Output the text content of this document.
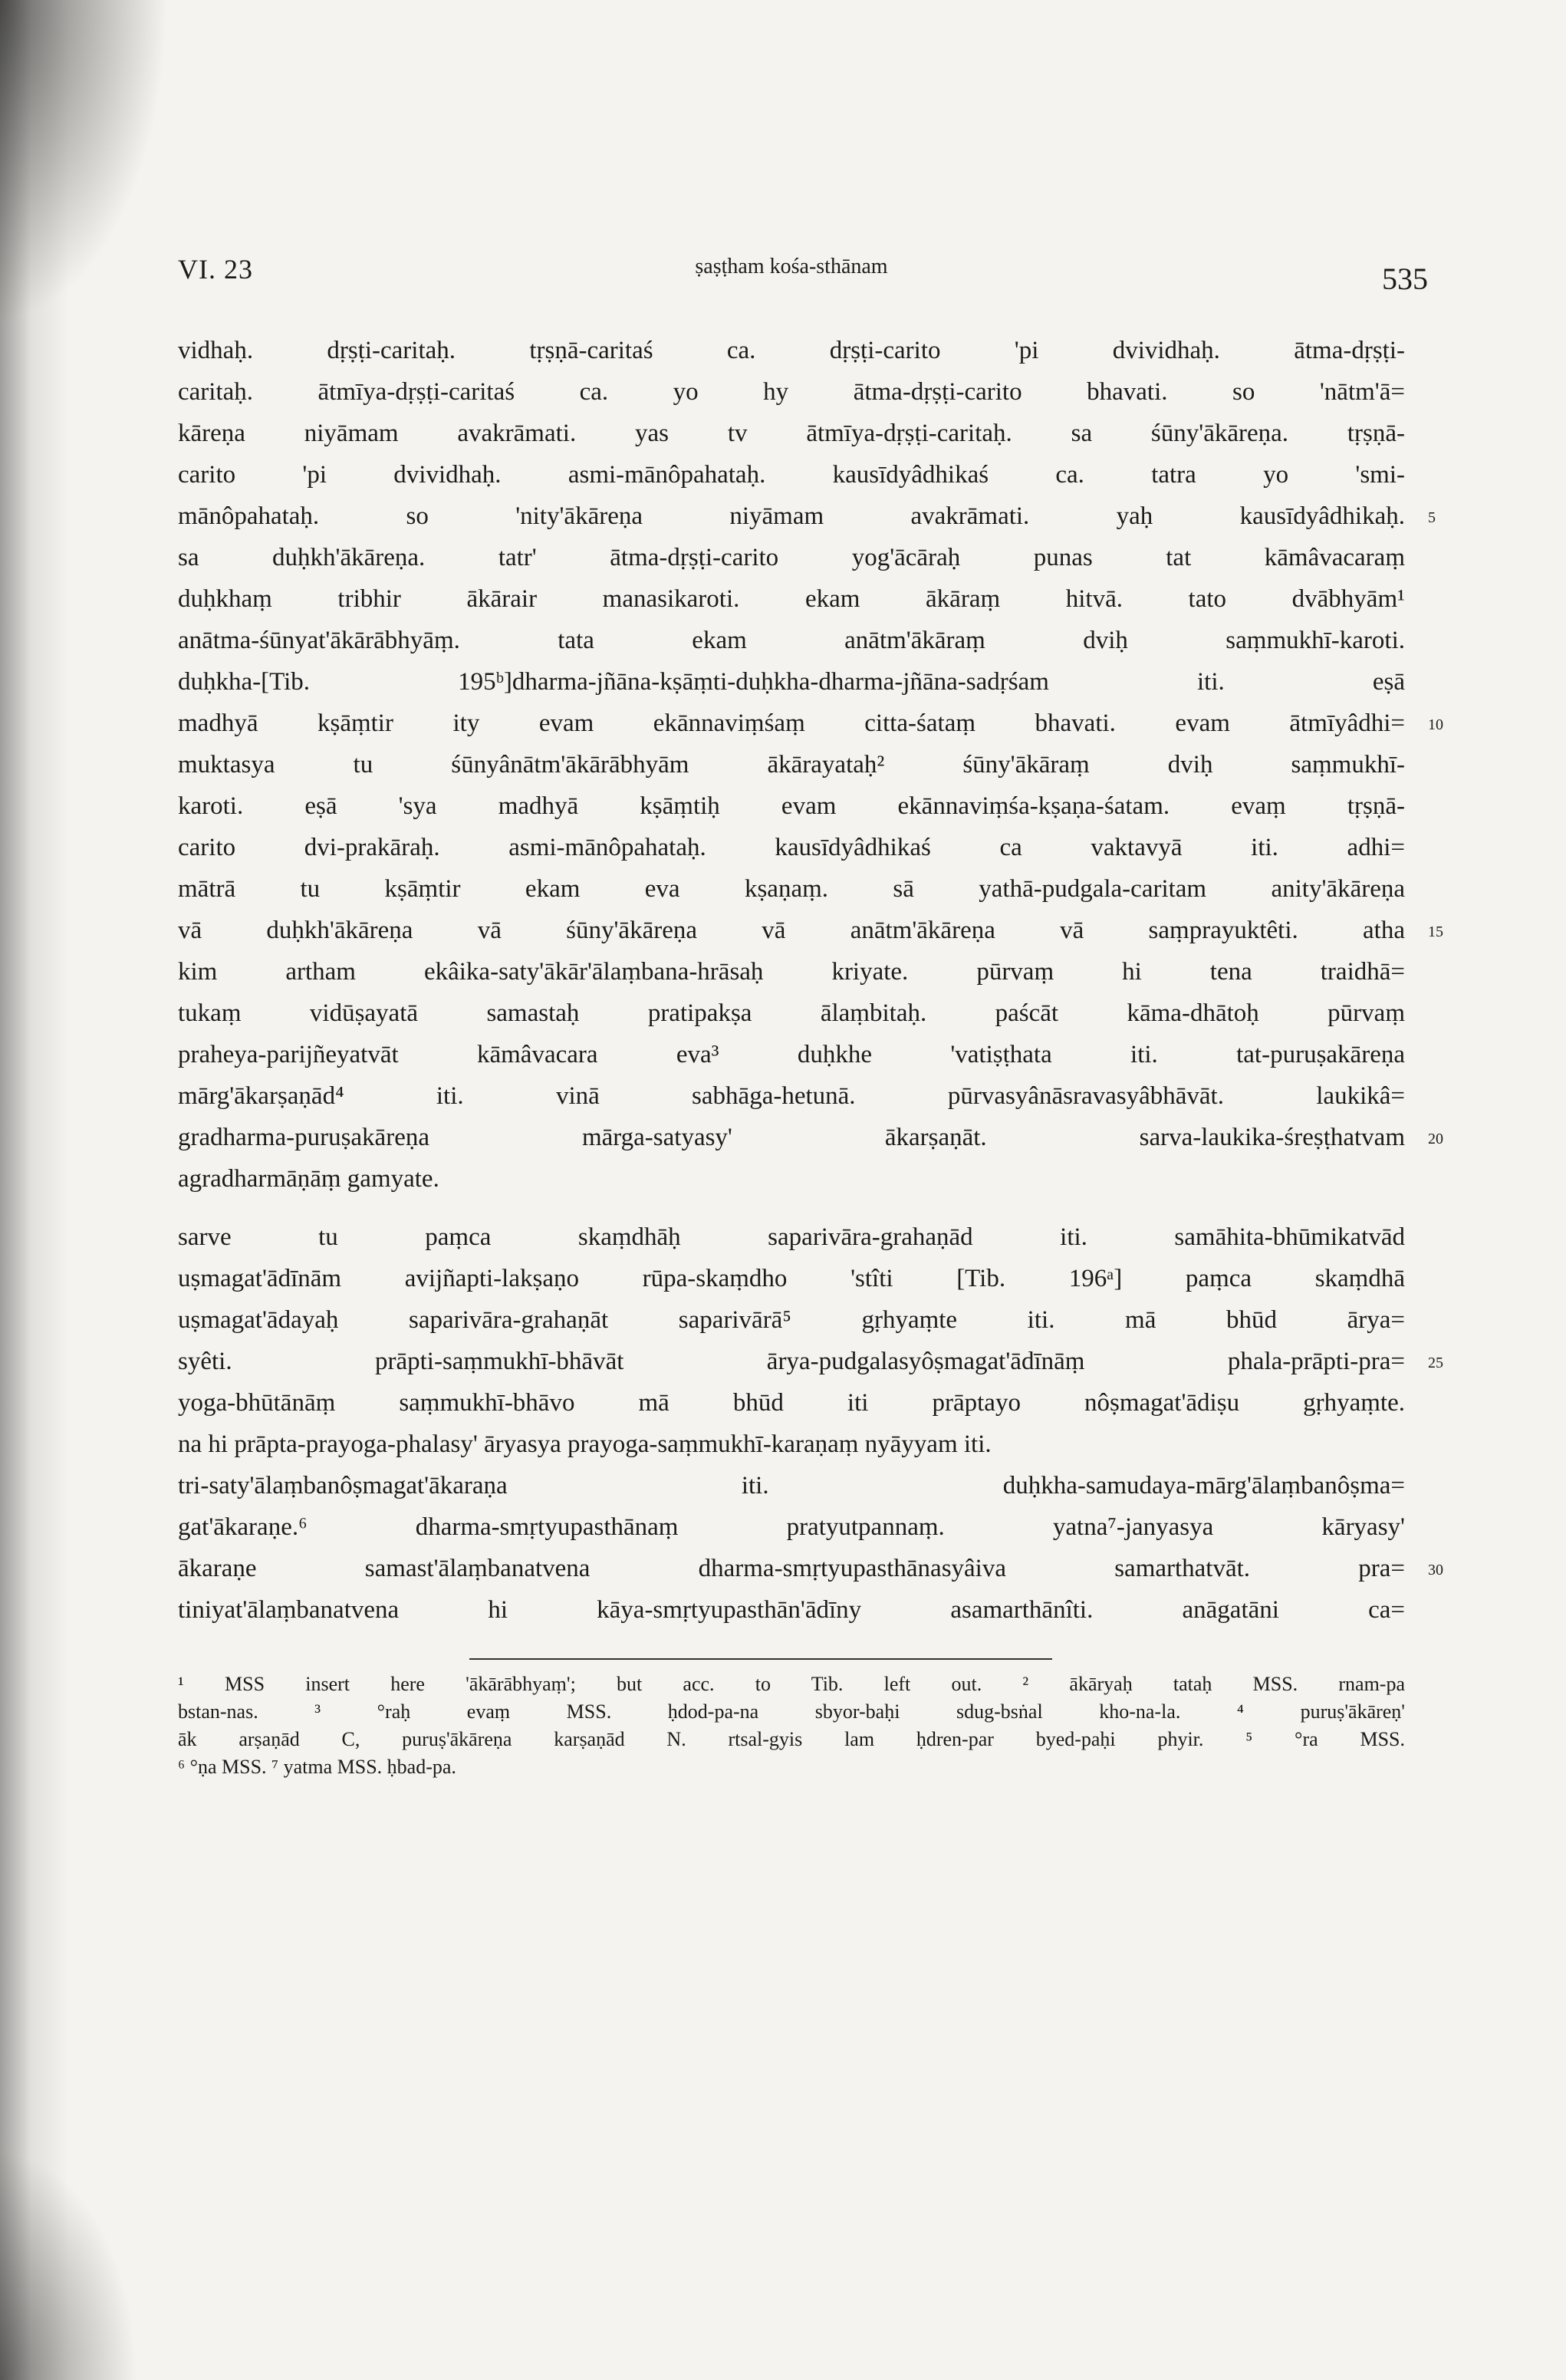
VI. 23	ṣaṣṭham kośa-sthānam	535
vidhaḥ. dṛṣṭi-caritaḥ. tṛṣṇā-caritaś ca. dṛṣṭi-carito 'pi dvividhaḥ. ātma-dṛṣṭi-
caritaḥ. ātmīya-dṛṣṭi-caritaś ca. yo hy ātma-dṛṣṭi-carito bhavati. so 'nātm'ā=
kāreṇa niyāmam avakrāmati. yas tv ātmīya-dṛṣṭi-caritaḥ. sa śūny'ākāreṇa. tṛṣṇā-
carito 'pi dvividhaḥ. asmi-mānôpahataḥ. kausīdyâdhikaś ca. tatra yo 'smi-
mānôpahataḥ. so 'nity'ākāreṇa niyāmam avakrāmati. yaḥ kausīdyâdhikaḥ. 5
sa duḥkh'ākāreṇa. tatr' ātma-dṛṣṭi-carito yog'ācāraḥ punas tat kāmâvacaraṃ
duḥkhaṃ tribhir ākārair manasikaroti. ekam ākāraṃ hitvā. tato dvābhyām¹
anātma-śūnyat'ākārābhyāṃ. tata ekam anātm'ākāraṃ dviḥ saṃmukhī-karoti.
duḥkha-[Tib. 195ᵇ]dharma-jñāna-kṣāṃti-duḥkha-dharma-jñāna-sadṛśam iti. eṣā
madhyā kṣāṃtir ity evam ekānnaviṃśaṃ citta-śataṃ bhavati. evam ātmīyâdhi= 10
muktasya tu śūnyânātm'ākārābhyām ākārayataḥ² śūny'ākāraṃ dviḥ saṃmukhī-
karoti. eṣā 'sya madhyā kṣāṃtiḥ evam ekānnaviṃśa-kṣaṇa-śatam. evaṃ tṛṣṇā-
carito dvi-prakāraḥ. asmi-mānôpahataḥ. kausīdyâdhikaś ca vaktavyā iti. adhi=
mātrā tu kṣāṃtir ekam eva kṣaṇaṃ. sā yathā-pudgala-caritam anity'ākāreṇa
vā duḥkh'ākāreṇa vā śūny'ākāreṇa vā anātm'ākāreṇa vā saṃprayuktêti. atha 15
kim artham ekâika-saty'ākār'ālaṃbana-hrāsaḥ kriyate. pūrvaṃ hi tena traidhā=
tukaṃ vidūṣayatā samastaḥ pratipakṣa ālaṃbitaḥ. paścāt kāma-dhātoḥ pūrvaṃ
praheya-parijñeyatvāt kāmâvacara eva³ duḥkhe 'vatiṣṭhata iti. tat-puruṣakāreṇa
mārg'ākarṣaṇād⁴ iti. vinā sabhāga-hetunā. pūrvasyânāsravasyâbhāvāt. laukikâ=
gradharma-puruṣakāreṇa mārga-satyasy' ākarṣaṇāt. sarva-laukika-śreṣṭhatvam 20
agradharmāṇāṃ gamyate.
sarve tu paṃca skaṃdhāḥ saparivāra-grahaṇād iti. samāhita-bhūmikatvād
uṣmagat'ādīnām avijñapti-lakṣaṇo rūpa-skaṃdho 'stîti [Tib. 196ᵃ] paṃca skaṃdhā
uṣmagat'ādayaḥ saparivāra-grahaṇāt saparivārā⁵ gṛhyaṃte iti. mā bhūd ārya=
syêti. prāpti-saṃmukhī-bhāvāt ārya-pudgalasyôṣmagat'ādīnāṃ phala-prāpti-pra= 25
yoga-bhūtānāṃ saṃmukhī-bhāvo mā bhūd iti prāptayo nôṣmagat'ādiṣu gṛhyaṃte.
na hi prāpta-prayoga-phalasy' āryasya prayoga-saṃmukhī-karaṇaṃ nyāyyam iti.
tri-saty'ālaṃbanôṣmagat'ākaraṇa iti. duḥkha-samudaya-mārg'ālaṃbanôṣma=
gat'ākaraṇe.⁶ dharma-smṛtyupasthānaṃ pratyutpannaṃ. yatna⁷-janyasya kāryasy'
ākaraṇe samast'ālaṃbanatvena dharma-smṛtyupasthānasyâiva samarthatvāt. pra= 30
tiniyat'ālaṃbanatvena hi kāya-smṛtyupasthān'ādīny asamarthānîti. anāgatāni ca=
¹ MSS insert here 'ākārābhyaṃ'; but acc. to Tib. left out. ² ākāryaḥ tataḥ MSS. rnam-pa
bstan-nas. ³ °raḥ evaṃ MSS. ḥdod-pa-na sbyor-baḥi sdug-bsṅal kho-na-la. ⁴ puruṣ'ākāreṇ'
āk arṣaṇād C, puruṣ'ākāreṇa karṣaṇād N. rtsal-gyis lam ḥdren-par byed-paḥi phyir. ⁵ °ra MSS.
⁶ °ṇa MSS. ⁷ yatma MSS. ḥbad-pa.
